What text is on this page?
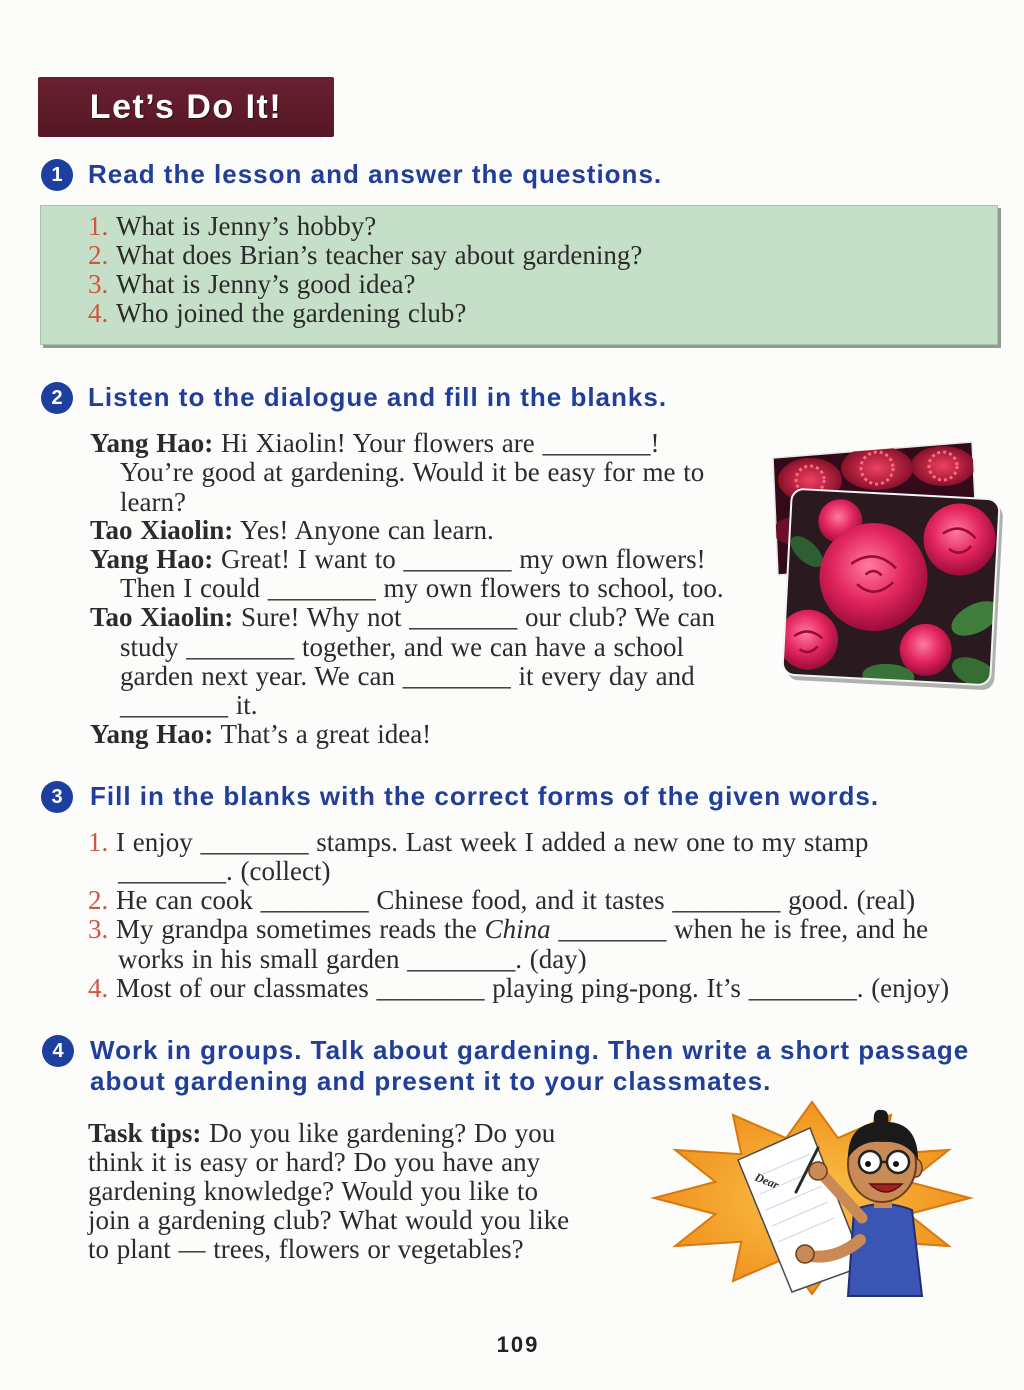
Let’s Do It!
1 Read the lesson and answer the questions.
1. What is Jenny’s hobby?
2. What does Brian’s teacher say about gardening?
3. What is Jenny’s good idea?
4. Who joined the gardening club?
2 Listen to the dialogue and fill in the blanks.
Yang Hao: Hi Xiaolin! Your flowers are ________!
You’re good at gardening. Would it be easy for me to
learn?
Tao Xiaolin: Yes! Anyone can learn.
Yang Hao: Great! I want to ________ my own flowers!
Then I could ________ my own flowers to school, too.
Tao Xiaolin: Sure! Why not ________ our club? We can
study ________ together, and we can have a school
garden next year. We can ________ it every day and
________ it.
Yang Hao: That’s a great idea!
3	Fill in the blanks with the correct forms of the given words.
1. I enjoy ________ stamps. Last week I added a new one to my stamp
________. (collect)
2. He can cook ________ Chinese food, and it tastes ________ good. (real)
3. My grandpa sometimes reads the China ________ when he is free, and he
works in his small garden ________. (day)
4. Most of our classmates ________ playing ping-pong. It’s ________. (enjoy)
4	Work in groups. Talk about gardening. Then write a short passage
about gardening and present it to your classmates.
Task tips: Do you like gardening? Do you
think it is easy or hard? Do you have any
gardening knowledge? Would you like to
join a gardening club? What would you like
to plant — trees, flowers or vegetables?
Dear
109
